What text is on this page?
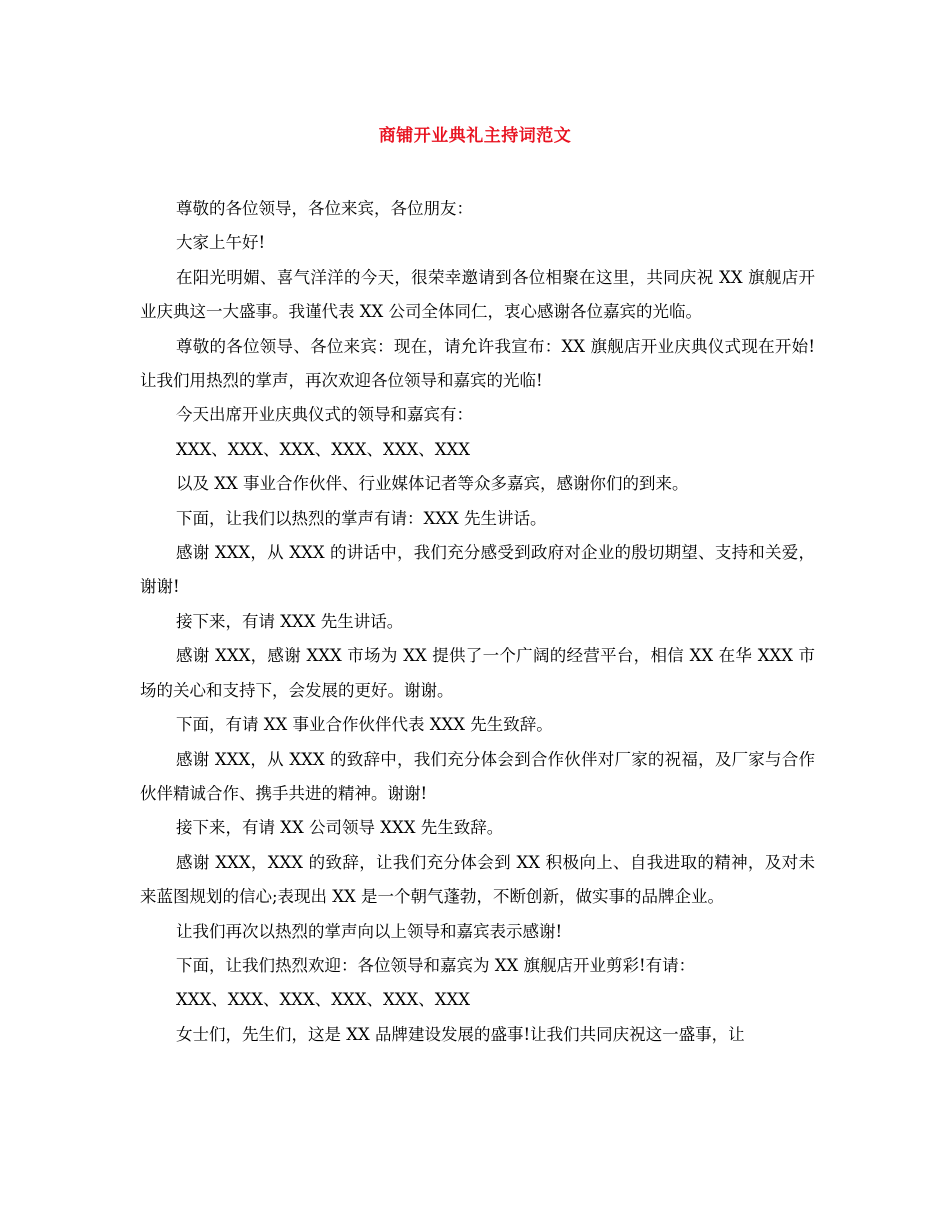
商铺开业典礼主持词范文

尊敬的各位领导，各位来宾，各位朋友：

大家上午好!

在阳光明媚、喜气洋洋的今天，很荣幸邀请到各位相聚在这里，共同庆祝 XX 旗舰店开业庆典这一大盛事。我谨代表 XX 公司全体同仁，衷心感谢各位嘉宾的光临。

尊敬的各位领导、各位来宾：现在，请允许我宣布：XX 旗舰店开业庆典仪式现在开始!让我们用热烈的掌声，再次欢迎各位领导和嘉宾的光临!

今天出席开业庆典仪式的领导和嘉宾有：

XXX、XXX、XXX、XXX、XXX、XXX

以及 XX 事业合作伙伴、行业媒体记者等众多嘉宾，感谢你们的到来。

下面，让我们以热烈的掌声有请：XXX 先生讲话。

感谢 XXX，从 XXX 的讲话中，我们充分感受到政府对企业的殷切期望、支持和关爱，谢谢!

接下来，有请 XXX 先生讲话。

感谢 XXX，感谢 XXX 市场为 XX 提供了一个广阔的经营平台，相信 XX 在华 XXX 市场的关心和支持下，会发展的更好。谢谢。

下面，有请 XX 事业合作伙伴代表 XXX 先生致辞。

感谢 XXX，从 XXX 的致辞中，我们充分体会到合作伙伴对厂家的祝福，及厂家与合作伙伴精诚合作、携手共进的精神。谢谢!

接下来，有请 XX 公司领导 XXX 先生致辞。

感谢 XXX，XXX 的致辞，让我们充分体会到 XX 积极向上、自我进取的精神，及对未来蓝图规划的信心;表现出 XX 是一个朝气蓬勃，不断创新，做实事的品牌企业。

让我们再次以热烈的掌声向以上领导和嘉宾表示感谢!

下面，让我们热烈欢迎：各位领导和嘉宾为 XX 旗舰店开业剪彩!有请：

XXX、XXX、XXX、XXX、XXX、XXX

女士们，先生们，这是 XX 品牌建设发展的盛事!让我们共同庆祝这一盛事，让
